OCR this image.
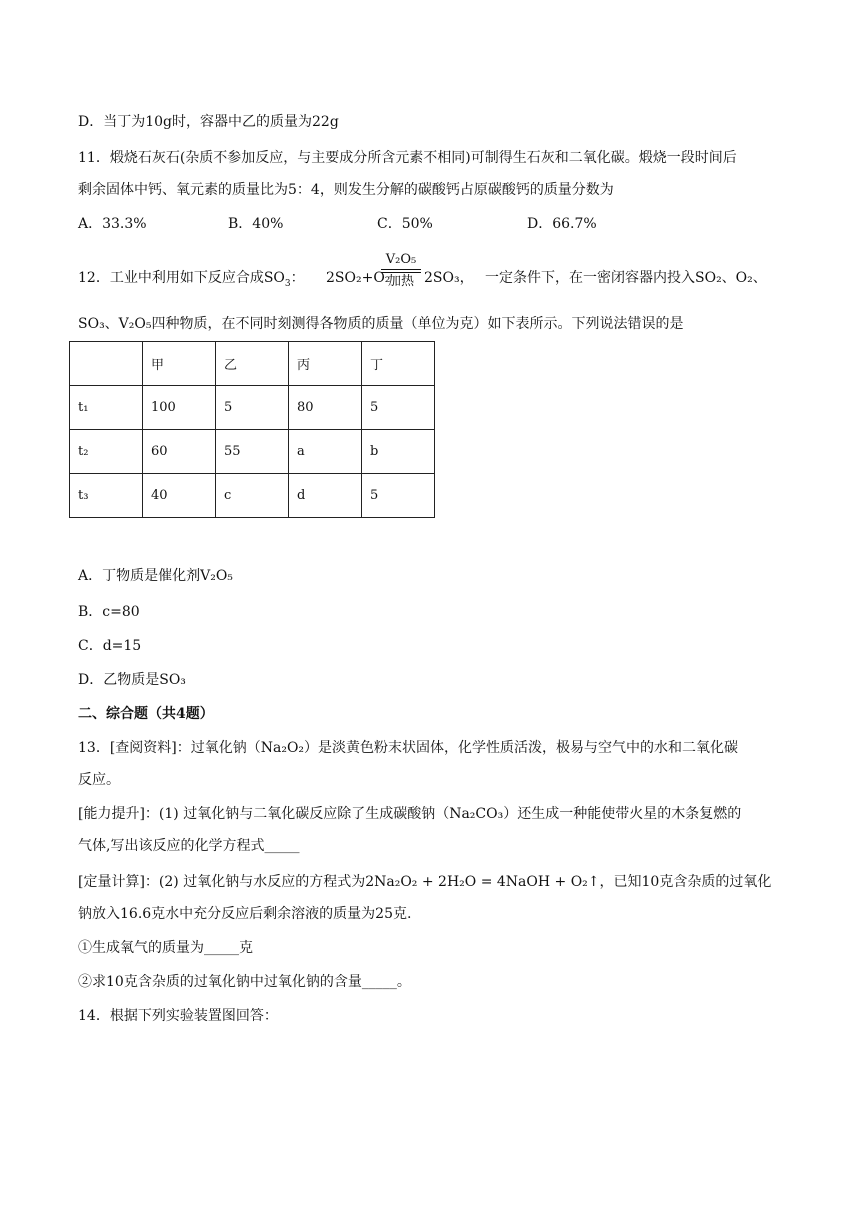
D．当丁为10g时，容器中乙的质量为22g
11．煅烧石灰石(杂质不参加反应，与主要成分所含元素不相同)可制得生石灰和二氧化碳。煅烧一段时间后
剩余固体中钙、氧元素的质量比为5：4，则发生分解的碳酸钙占原碳酸钙的质量分数为
A．33.3%	B．40%	C．50%	D．66.7%
12．工业中利用如下反应合成$SO_3$： 2SO₂+O₂
V₂O₅
加热 2SO₃， 一定条件下，在一密闭容器内投入SO₂、O₂、
SO₃、V₂O₅四种物质，在不同时刻测得各物质的质量（单位为克）如下表所示。下列说法错误的是
	甲	乙	丙	丁
t₁	100	5	80	5
t₂	60	55	a	b
t₃	40	c	d	5
A．丁物质是催化剂V₂O₅
B．c=80
C．d=15
D．乙物质是SO₃
二、综合题（共4题）
13．[查阅资料]：过氧化钠（Na₂O₂）是淡黄色粉末状固体，化学性质活泼，极易与空气中的水和二氧化碳
反应。
[能力提升]：(1) 过氧化钠与二氧化碳反应除了生成碳酸钠（Na₂CO₃）还生成一种能使带火星的木条复燃的
气体,写出该反应的化学方程式_____
[定量计算]：(2) 过氧化钠与水反应的方程式为2Na₂O₂ + 2H₂O = 4NaOH + O₂↑，已知10克含杂质的过氧化
钠放入16.6克水中充分反应后剩余溶液的质量为25克.
①生成氧气的质量为_____克
②求10克含杂质的过氧化钠中过氧化钠的含量_____。
14．根据下列实验装置图回答：
